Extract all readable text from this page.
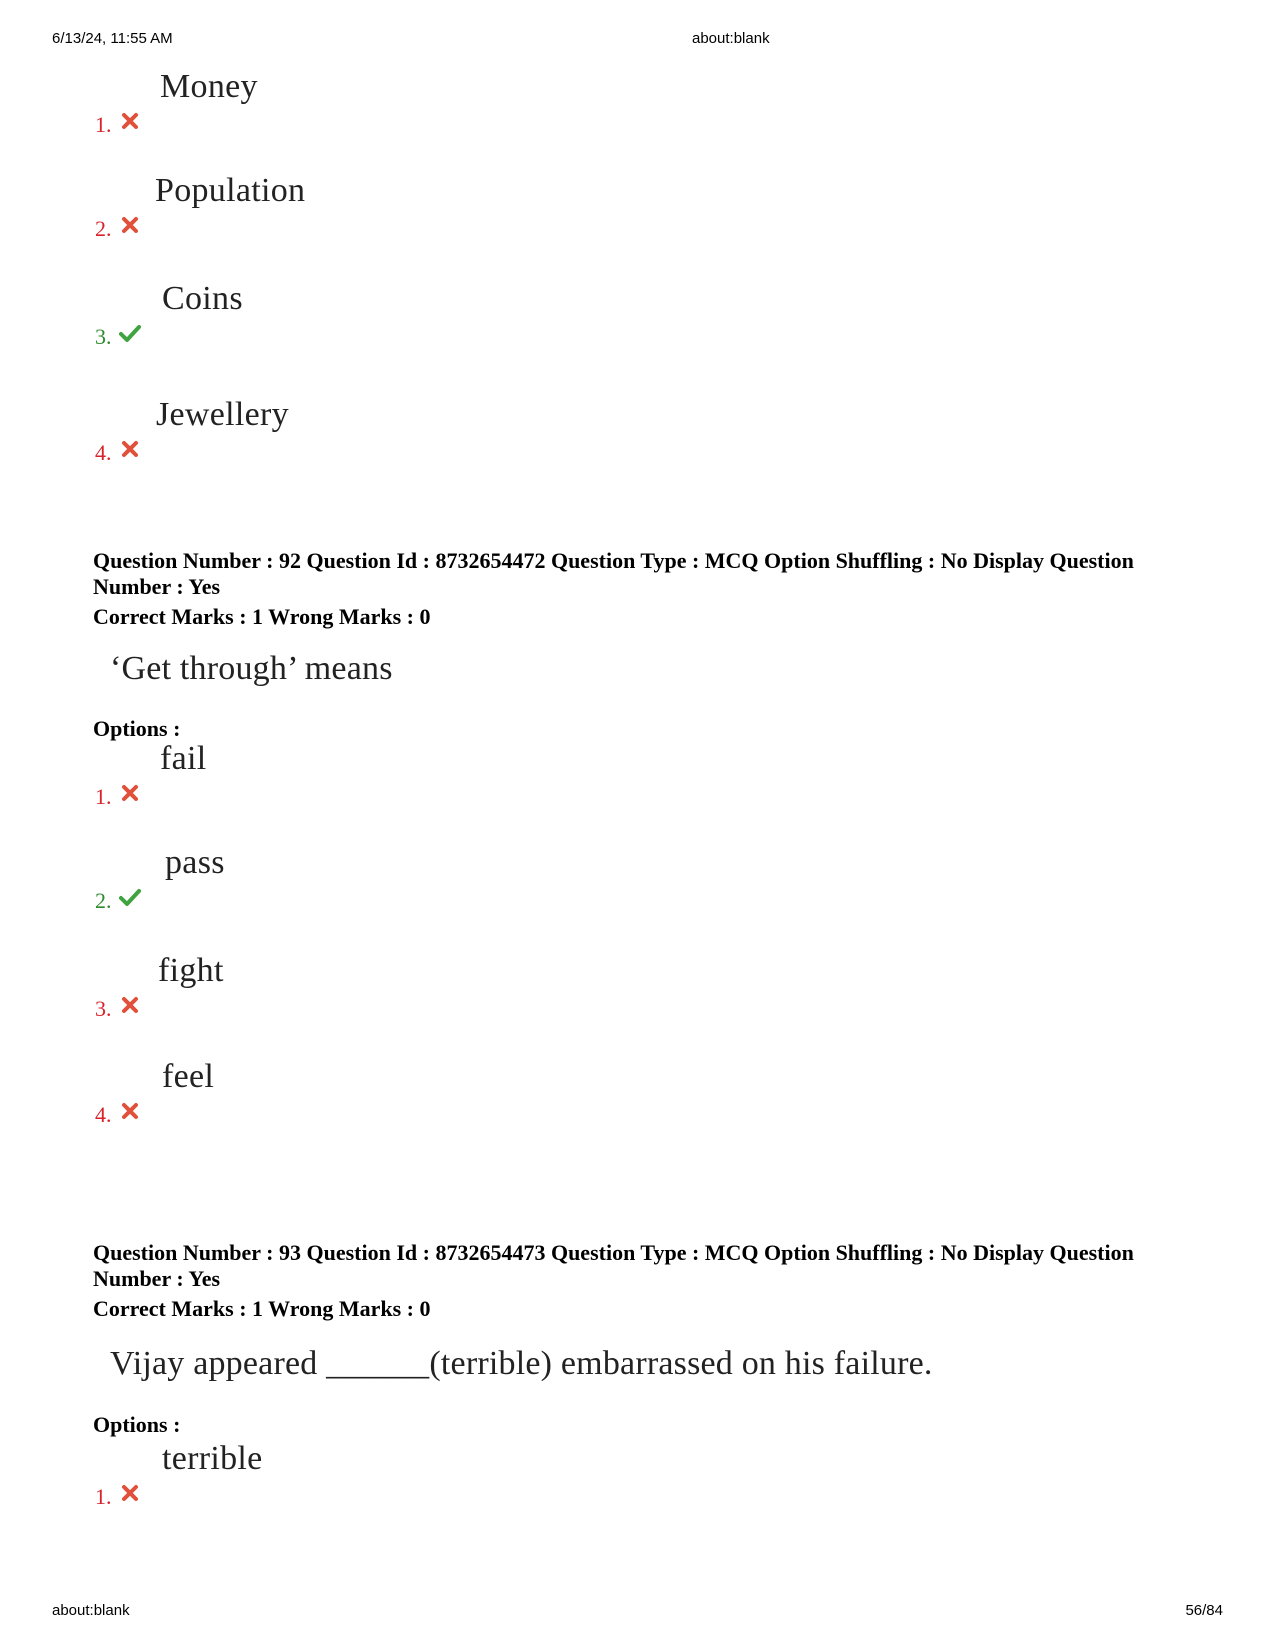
6/13/24, 11:55 AM	about:blank
about:blank	56/84
1.
Money
2.
Population
3.
Coins
4.
Jewellery
Question Number : 92 Question Id : 8732654472 Question Type : MCQ Option Shuffling : No Display Question Number : Yes
Correct Marks : 1 Wrong Marks : 0
‘Get through’ means
Options :
1.
fail
2.
pass
3.
fight
4.
feel
Question Number : 93 Question Id : 8732654473 Question Type : MCQ Option Shuffling : No Display Question Number : Yes
Correct Marks : 1 Wrong Marks : 0
Vijay appeared ______(terrible) embarrassed on his failure.
Options :
1.
terrible
